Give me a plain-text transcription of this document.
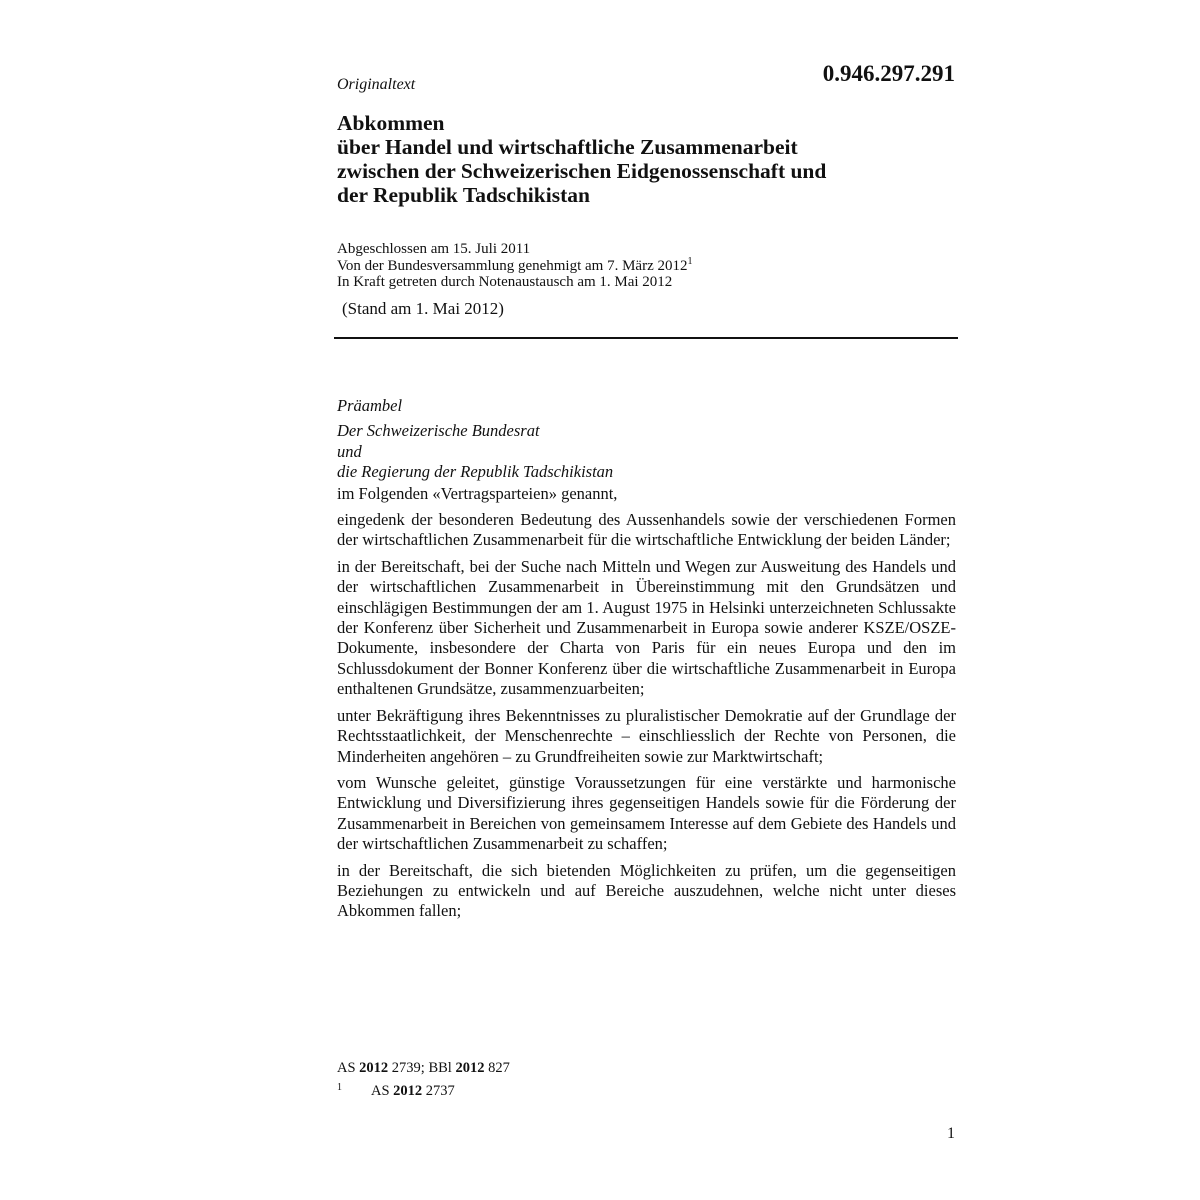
0.946.297.291
Originaltext
Abkommen
über Handel und wirtschaftliche Zusammenarbeit
zwischen der Schweizerischen Eidgenossenschaft und
der Republik Tadschikistan
Abgeschlossen am 15. Juli 2011
Von der Bundesversammlung genehmigt am 7. März 2012$^1$
In Kraft getreten durch Notenaustausch am 1. Mai 2012
(Stand am 1. Mai 2012)

Präambel

Der Schweizerische Bundesrat

und

die Regierung der Republik Tadschikistan

im Folgenden «Vertragsparteien» genannt,

eingedenk der besonderen Bedeutung des Aussenhandels sowie der verschiedenen Formen der wirtschaftlichen Zusammenarbeit für die wirtschaftliche Entwicklung der beiden Länder;

in der Bereitschaft, bei der Suche nach Mitteln und Wegen zur Ausweitung des Handels und der wirtschaftlichen Zusammenarbeit in Übereinstimmung mit den Grundsätzen und einschlägigen Bestimmungen der am 1. August 1975 in Helsinki unterzeichneten Schlussakte der Konferenz über Sicherheit und Zusammenarbeit in Europa sowie anderer KSZE/OSZE-Dokumente, insbesondere der Charta von Paris für ein neues Europa und den im Schlussdokument der Bonner Konferenz über die wirtschaftliche Zusammenarbeit in Europa enthaltenen Grundsätze, zusammenzuarbeiten;

unter Bekräftigung ihres Bekenntnisses zu pluralistischer Demokratie auf der Grundlage der Rechtsstaatlichkeit, der Menschenrechte – einschliesslich der Rechte von Personen, die Minderheiten angehören – zu Grundfreiheiten sowie zur Marktwirtschaft;

vom Wunsche geleitet, günstige Voraussetzungen für eine verstärkte und harmonische Entwicklung und Diversifizierung ihres gegenseitigen Handels sowie für die Förderung der Zusammenarbeit in Bereichen von gemeinsamem Interesse auf dem Gebiete des Handels und der wirtschaftlichen Zusammenarbeit zu schaffen;

in der Bereitschaft, die sich bietenden Möglichkeiten zu prüfen, um die gegenseitigen Beziehungen zu entwickeln und auf Bereiche auszudehnen, welche nicht unter dieses Abkommen fallen;

AS 2012 2739; BBl 2012 827
1 AS 2012 2737
1
